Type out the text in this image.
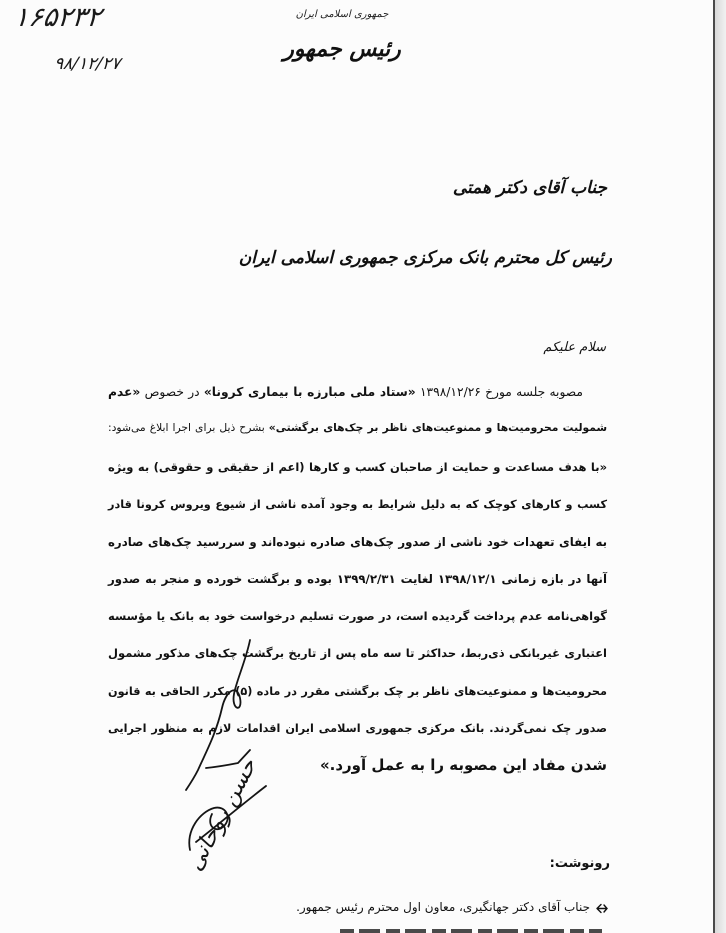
جمهوری اسلامی ایران
رئیس جمهور
۱۶۵۲۳۲
۹۸/۱۲/۲۷
جناب آقای دکتر همتی
رئیس کل محترم بانک مرکزی جمهوری اسلامی ایران
سلام علیکم
مصوبه جلسه مورخ ۱۳۹۸/۱۲/۲۶ «ستاد ملی مبارزه با بیماری کرونا» در خصوص «عدم
شمولیت محرومیت‌ها و ممنوعیت‌های ناظر بر چک‌های برگشتی» بشرح ذیل برای اجرا ابلاغ می‌شود:
«با هدف مساعدت و حمایت از صاحبان کسب و کارها (اعم از حقیقی و حقوقی) به ویژه
کسب و کارهای کوچک که به دلیل شرایط به وجود آمده ناشی از شیوع ویروس کرونا قادر
به ایفای تعهدات خود ناشی از صدور چک‌های صادره نبوده‌اند و سررسید چک‌های صادره
آنها در بازه زمانی ۱۳۹۸/۱۲/۱ لغایت ۱۳۹۹/۲/۳۱ بوده و برگشت خورده و منجر به صدور
گواهی‌نامه عدم پرداخت گردیده است، در صورت تسلیم درخواست خود به بانک یا مؤسسه
اعتباری غیربانکی ذی‌ربط، حداکثر تا سه ماه پس از تاریخ برگشت چک‌های مذکور مشمول
محرومیت‌ها و ممنوعیت‌های ناظر بر چک برگشتی مقرر در ماده (۵) مکرر الحاقی به قانون
صدور چک نمی‌گردند. بانک مرکزی جمهوری اسلامی ایران اقدامات لازم به منظور اجرایی
شدن مفاد این مصوبه را به عمل آورد.»
حسن روحانی	رونوشت:
جناب آقای دکتر جهانگیری، معاون اول محترم رئیس جمهور.
